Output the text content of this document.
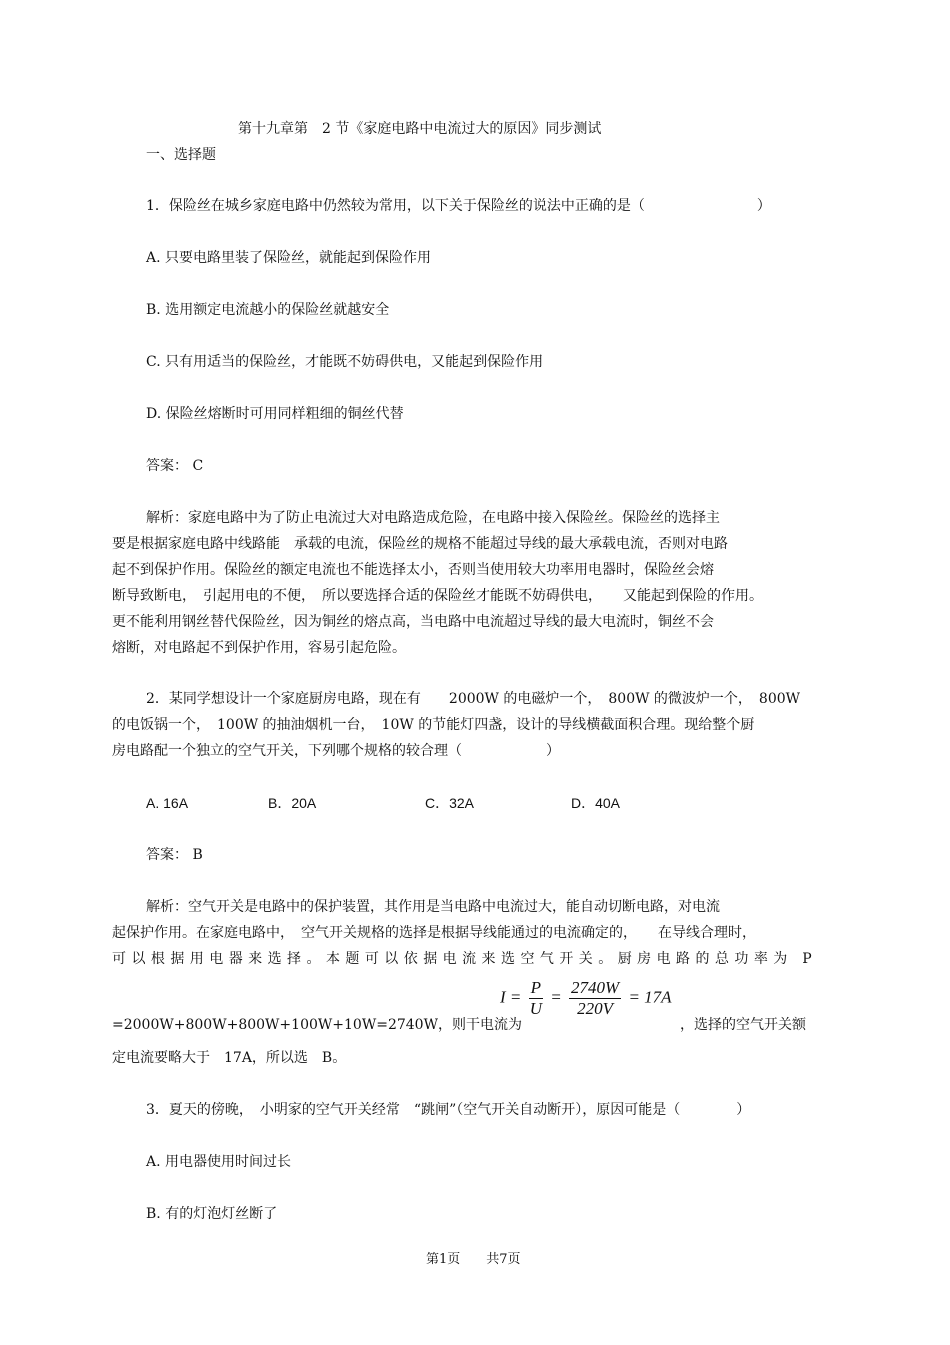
第十九章第　2 节《家庭电路中电流过大的原因》同步测试
一、选择题
1．保险丝在城乡家庭电路中仍然较为常用，以下关于保险丝的说法中正确的是（　　　　　　　　）
A. 只要电路里装了保险丝，就能起到保险作用
B. 选用额定电流越小的保险丝就越安全
C. 只有用适当的保险丝，才能既不妨碍供电，又能起到保险作用
D. 保险丝熔断时可用同样粗细的铜丝代替
答案： C
解析：家庭电路中为了防止电流过大对电路造成危险，在电路中接入保险丝。保险丝的选择主
要是根据家庭电路中线路能　承载的电流，保险丝的规格不能超过导线的最大承载电流，否则对电路
起不到保护作用。保险丝的额定电流也不能选择太小，否则当使用较大功率用电器时，保险丝会熔
断导致断电，　引起用电的不便，　所以要选择合适的保险丝才能既不妨碍供电，　　又能起到保险的作用。
更不能利用钢丝替代保险丝，因为铜丝的熔点高，当电路中电流超过导线的最大电流时，铜丝不会
熔断，对电路起不到保护作用，容易引起危险。
2．某同学想设计一个家庭厨房电路，现在有　　2000W 的电磁炉一个，　800W 的微波炉一个，　800W
的电饭锅一个，　100W 的抽油烟机一台，　10W 的节能灯四盏，设计的导线横截面积合理。现给整个厨
房电路配一个独立的空气开关，下列哪个规格的较合理（　　　　　　）
A. 16A	B．20A	C．32A	D．40A
答案： B
解析：空气开关是电路中的保护装置，其作用是当电路中电流过大，能自动切断电路，对电流
起保护作用。在家庭电路中，　空气开关规格的选择是根据导线能通过的电流确定的，　　在导线合理时，
可 以 根 据 用 电 器 来 选 择 。 本 题 可 以 依 据 电 流 来 选 空 气 开 关 。 厨 房 电 路 的 总 功 率 为　P
$I = \frac{P}{U} = \frac{2740W}{220V} = 17A$
=2000W+800W+800W+100W+10W=2740W，则干电流为	，选择的空气开关额
定电流要略大于　17A，所以选　B。
3．夏天的傍晚，　小明家的空气开关经常　“跳闸”（空气开关自动断开），原因可能是（　　　　）
A. 用电器使用时间过长
B. 有的灯泡灯丝断了
第1页　　共7页
